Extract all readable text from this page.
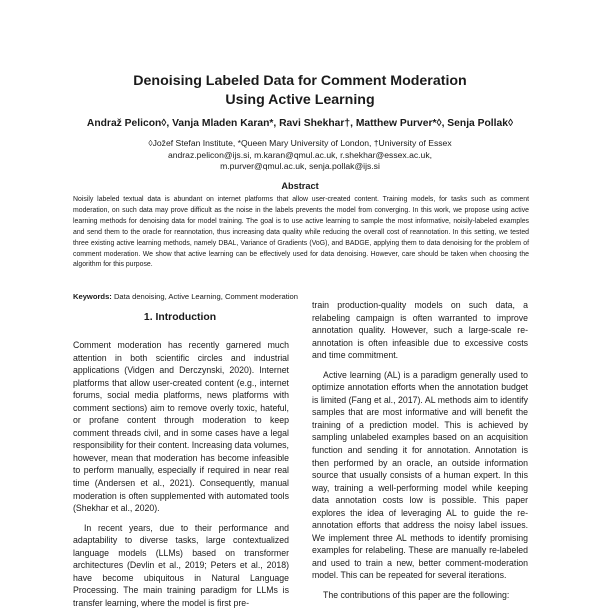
Denoising Labeled Data for Comment Moderation
Using Active Learning
Andraž Pelicon◊, Vanja Mladen Karan*, Ravi Shekhar†, Matthew Purver*◊, Senja Pollak◊
◊Jožef Stefan Institute, *Queen Mary University of London, †University of Essex
andraz.pelicon@ijs.si, m.karan@qmul.ac.uk, r.shekhar@essex.ac.uk,
m.purver@qmul.ac.uk, senja.pollak@ijs.si
Abstract
Noisily labeled textual data is abundant on internet platforms that allow user-created content. Training models, for tasks such as comment moderation, on such data may prove difficult as the noise in the labels prevents the model from converging. In this work, we propose using active learning methods for denoising data for model training. The goal is to use active learning to sample the most informative, noisily-labeled examples and send them to the oracle for reannotation, thus increasing data quality while reducing the overall cost of reannotation. In this setting, we tested three existing active learning methods, namely DBAL, Variance of Gradients (VoG), and BADGE, applying them to data denoising for the problem of comment moderation. We show that active learning can be effectively used for data denoising. However, care should be taken when choosing the algorithm for this purpose.
Keywords: Data denoising, Active Learning, Comment moderation
1. Introduction

Comment moderation has recently garnered much attention in both scientific circles and industrial applications (Vidgen and Derczynski, 2020). Internet platforms that allow user-created content (e.g., internet forums, social media platforms, news platforms with comment sections) aim to remove overly toxic, hateful, or profane content through moderation to keep comment threads civil, and in some cases have a legal responsibility for their content. Increasing data volumes, however, mean that moderation has become infeasible to perform manually, especially if required in near real time (Andersen et al., 2021). Consequently, manual moderation is often supplemented with automated tools (Shekhar et al., 2020).

In recent years, due to their performance and adaptability to diverse tasks, large contextualized language models (LLMs) based on transformer architectures (Devlin et al., 2019; Peters et al., 2018) have become ubiquitous in Natural Language Processing. The main training paradigm for LLMs is transfer learning, where the model is first pre-

train production-quality models on such data, a relabeling campaign is often warranted to improve annotation quality. However, such a large-scale re-annotation is often infeasible due to excessive costs and time commitment.

Active learning (AL) is a paradigm generally used to optimize annotation efforts when the annotation budget is limited (Fang et al., 2017). AL methods aim to identify samples that are most informative and will benefit the training of a prediction model. This is achieved by sampling unlabeled examples based on an acquisition function and sending it for annotation. Annotation is then performed by an oracle, an outside information source that usually consists of a human expert. In this way, training a well-performing model while keeping data annotation costs low is possible. This paper explores the idea of leveraging AL to guide the re-annotation efforts that address the noisy label issues. We implement three AL methods to identify promising examples for relabeling. These are manually re-labeled and used to train a new, better comment-moderation model. This can be repeated for several iterations.

The contributions of this paper are the following:
